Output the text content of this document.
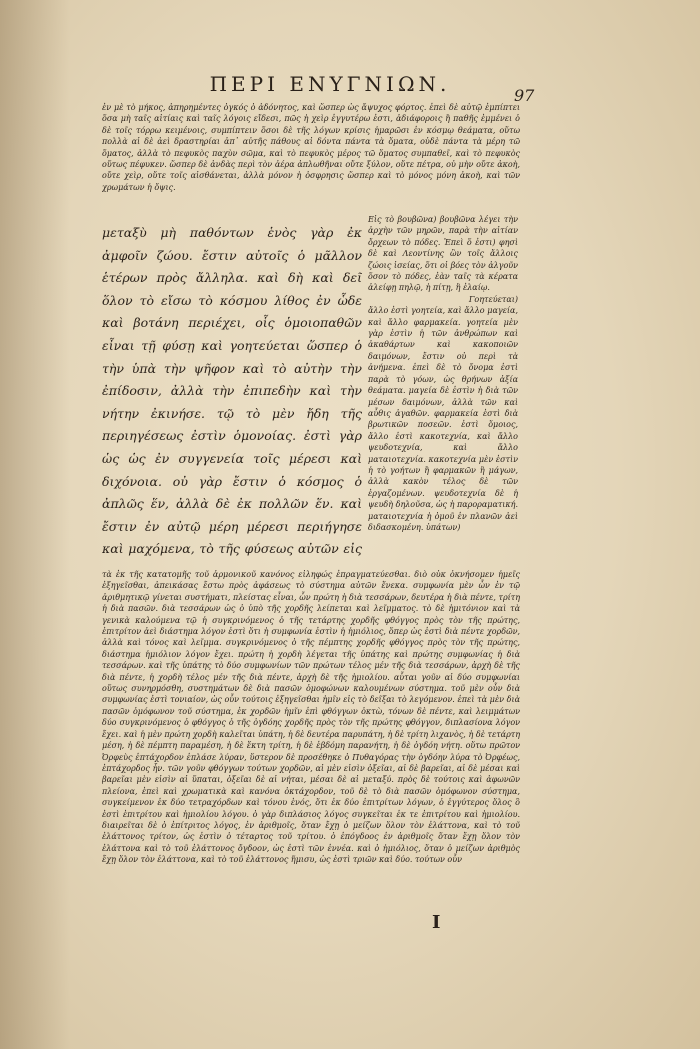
ΠΕΡΙ ΕΝΥΓΝΙΩΝ.	97

ἐν μὲ τὸ μήκος, ἀπηρημέντες ὁγκός ὁ ἀδόνητος, καὶ ὥσπερ ὡς ἄψυχος φόρτος. ἐπεὶ δὲ αὐτῷ ἐμπίπτει ὅσα μὴ ταῖς αἰτίαις καὶ ταῖς λόγοις εἴδεσι, πῶς ἡ χεὶρ ἐγγυτέρω ἐστι, ἀδιάφοροις ἢ παθῆς ἐμμένει ὁ δὲ τοῖς τόρρω κειμένοις, συμπίπτειν ὅσοι δὲ τῆς λόγων κρίσις ἡμαρῶσι ἐν κόσμῳ θεάματα, οὕτω πολλὰ αἱ δὲ ἀεὶ δραστηρίαι ἀπ᾽ αὐτῆς πάθους αἱ δόντα πάντα τὰ ὅματα, οὐδὲ πάντα τὰ μέρη τῶ ὅματος, ἀλλὰ τὸ πεφυκὸς παχὺν σῶμα, καὶ τὸ πεφυκὸς μέρος τῶ ὅματος συμπαθεῖ, καὶ τὸ πεφυκὸς οὕτως πέφυκεν. ὥσπερ δὲ ἀνδὰς περὶ τὸν ἀέρα ἀπλωθῆναι οὔτε ξύλον, οὔτε πέτρα, οὐ μὴν οὔτε ἀκοὴ, οὔτε χεὶρ, οὔτε τοῖς αἰσθάνεται, ἀλλὰ μόνον ἡ ὀσφρησις ὥσπερ καὶ τὸ μόνος μόνη ἀκοὴ, καὶ τῶν χρωμάτων ἡ ὄψις.

μεταξὺ μὴ παθόντων ἑνὸς γὰρ ἐκ ἀμφοῖν ζώου. ἔστιν αὐτοῖς ὁ μᾶλλον ἑτέρων πρὸς ἄλληλα. καὶ δὴ καὶ δεῖ ὅλον τὸ εἴσω τὸ κόσμου λίθος ἐν ὧδε καὶ βοτάνη περιέχει, οἷς ὁμοιοπαθῶν εἶναι τῇ φύσῃ καὶ γοητεύεται ὥσπερ ὁ τὴν ὑπὰ τὴν ψῆφον καὶ τὸ αὐτὴν τὴν ἐπίδοσιν, ἀλλὰ τὴν ἐπιπεδὴν καὶ τὴν νήτην ἐκινήσε. τῷ τὸ μὲν ἤδη τῆς περιηγέσεως ἐστὶν ὁμονοίας. ἐστὶ γὰρ ὡς ὡς ἐν συγγενεία τοῖς μέρεσι καὶ διχόνοια. οὐ γὰρ ἔστιν ὁ κόσμος ὁ ἀπλῶς ἕν, ἀλλὰ δὲ ἐκ πολλῶν ἕν. καὶ ἔστιν ἐν αὐτῷ μέρη μέρεσι περιήγησε καὶ μαχόμενα, τὸ τῆς φύσεως αὐτῶν εἰς

Εἰς τὸ βουβῶνα) βουβῶνα λέγει τὴν ἀρχὴν τῶν μηρῶν, παρὰ τὴν αἰτίαν ὄρχεων τὸ πόδες. Ἐπεὶ ὅ ἐστι) φησὶ δὲ καὶ Λεοντίνης ὢν τοῖς ἄλλοις ζώοις ἰσείας, ὅτι οἱ βόες τὸν ἀλγοῦν ὅσον τὸ πόδες, ἐὰν ταῖς τὰ κέρατα ἀλείφῃ πηλῷ, ἡ πίτῃ, ἢ ἐλαίῳ.

Γοητεύεται)

ἄλλο ἐστὶ γοητεία, καὶ ἄλλο μαγεία, καὶ ἄλλο φαρμακεία. γοητεία μὲν γὰρ ἐστὶν ἡ τῶν ἀνθρώπων καὶ ἀκαθάρτων καὶ κακοποιῶν δαιμόνων, ἔστιν οὐ περὶ τὰ ἀνήμενα. ἐπεὶ δὲ τὸ ὄνομα ἐστὶ παρὰ τὸ γόων, ὡς θρήνων ἀξία θεάματα. μαγεία δὲ ἐστὶν ἡ διὰ τῶν μέσων δαιμόνων, ἀλλὰ τῶν καὶ αὖθις ἀγαθῶν. φαρμακεία ἐστὶ διὰ βρωτικῶν ποσεῶν. ἐστὶ ὅμοιος, ἄλλο ἐστὶ κακοτεχνία, καὶ ἄλλο ψευδοτεχνία, καὶ ἄλλο ματαιοτεχνία. κακοτεχνία μὲν ἐστὶν ἡ τὸ γοήτων ἢ φαρμακῶν ἢ μάγων, ἀλλὰ κακὸν τέλος δὲ τῶν ἐργαζομένων. ψευδοτεχνία δὲ ἡ ψευδὴ δηλοῦσα, ὡς ἡ παροραματική. ματαιοτεχνία ἡ ὁμοῦ ἐν πλανῶν ἀεὶ διδασκομένη. ὑπάτων)

τὰ ἐκ τῆς κατατομῆς τοῦ ἁρμονικοῦ κανόνος εἰληφώς ἐπραγματεύεσθαι. διὸ οὐκ ὀκνήσομεν ἡμεῖς ἐξηγεῖσθαι, ἀπεικάσας ἔστω πρὸς ἀφάσεως τὸ σύστημα αὐτῶν ἕνεκα. συμφωνία μὲν ὧν ἐν τῷ ἀριθμητικῷ γίνεται συστήματι, πλείστας εἶναι, ὧν πρώτη ἡ διὰ τεσσάρων, δευτέρα ἡ διὰ πέντε, τρίτη ἡ διὰ πασῶν. διὰ τεσσάρων ὡς ὁ ὑπὸ τῆς χορδῆς λείπεται καὶ λεῖμματος. τὸ δὲ ἡμιτόνιον καὶ τὰ γενικὰ καλούμενα τῷ ἡ συγκρινόμενος ὁ τῆς τετάρτης χορδῆς φθόγγος πρὸς τὸν τῆς πρώτης, ἐπιτρίτον ἀεὶ διάστημα λόγον ἐστὶ ὅτι ἡ συμφωνία ἐστὶν ἡ ἡμιόλιος, ὅπερ ὡς ἐστὶ διὰ πέντε χορδῶν, ἀλλὰ καὶ τόνος καὶ λεῖμμα. συγκρινόμενος ὁ τῆς πέμπτης χορδῆς φθόγγος πρὸς τὸν τῆς πρώτης, διάστημα ἡμιόλιον λόγον ἔχει. πρώτη ἡ χορδὴ λέγεται τῆς ὑπάτης καὶ πρώτης συμφωνίας ἡ διὰ τεσσάρων. καὶ τῆς ὑπάτης τὸ δύο συμφωνίων τῶν πρώτων τέλος μέν τῆς διὰ τεσσάρων, ἀρχὴ δὲ τῆς διὰ πέντε, ἡ χορδὴ τέλος μέν τῆς διὰ πέντε, ἀρχὴ δὲ τῆς ἡμιολίου. αὗται γοῦν αἱ δύο συμφωνίαι οὕτως συνηρμόσθη, συστημάτων δὲ διὰ πασῶν ὁμοφώνων καλουμένων σύστημα. τοῦ μὲν οὖν διὰ συμφωνίας ἐστὶ τονιαίον, ὡς οὖν τούτοις ἐξηγεῖσθαι ἡμῖν εἰς τὸ δεῖξαι τὸ λεγόμενον. ἐπεὶ τὰ μὲν διὰ πασῶν ὁμόφωνον τοῦ σύστημα, ἐκ χορδῶν ἡμῖν ἐπὶ φθόγγων ὀκτὼ, τόνων δὲ πέντε, καὶ λειμμάτων δύο συγκρινόμενος ὁ φθόγγος ὁ τῆς ὀγδόης χορδῆς πρὸς τὸν τῆς πρώτης φθόγγον, διπλασίονα λόγον ἔχει. καὶ ἡ μὲν πρώτη χορδὴ καλεῖται ὑπάτη, ἡ δὲ δευτέρα παρυπάτη, ἡ δὲ τρίτη λιχανὸς, ἡ δὲ τετάρτη μέση, ἡ δὲ πέμπτη παραμέση, ἡ δὲ ἕκτη τρίτη, ἡ δὲ ἑβδόμη παρανήτη, ἡ δὲ ὀγδόη νήτη. οὕτω πρῶτον Ὀρφεὺς ἐπτάχορδον ἐπλάσε λύραν, ὕστερον δὲ προσέθηκε ὁ Πυθαγόρας τὴν ὀγδόην λύρα τὸ Ὀρφέως, ἑπτάχορδος ἦν. τῶν γοῦν φθόγγων τούτων χορδῶν, αἱ μὲν εἰσὶν ὀξεῖαι, αἱ δὲ βαρεῖαι, αἱ δὲ μέσαι καὶ βαρεῖαι μὲν εἰσὶν αἱ ὕπαται, ὀξεῖαι δὲ αἱ νήται, μέσαι δὲ αἱ μεταξύ. πρὸς δὲ τούτοις καὶ ἀφωνῶν πλείονα, ἐπεὶ καὶ χρωματικὰ καὶ κανόνα ὀκτάχορδον, τοῦ δὲ τὸ διὰ πασῶν ὁμόφωνον σύστημα, συγκείμενον ἐκ δύο τετραχόρδων καὶ τόνου ἑνός, ὅτι ἐκ δύο ἐπιτρίτων λόγων, ὁ ἐγγύτερος ὅλος ὃ ἐστὶ ἐπιτρίτου καὶ ἡμιολίου λόγου. ὁ γὰρ διπλάσιος λόγος συγκεῖται ἐκ τε ἐπιτρίτου καὶ ἡμιολίου. διαιρεῖται δὲ ὁ ἐπίτριτος λόγος, ἐν ἀριθμοῖς, ὅταν ἔχῃ ὁ μείζων ὅλον τὸν ἐλάττονα, καὶ τὸ τοῦ ἐλάττονος τρίτον, ὡς ἐστὶν ὁ τέταρτος τοῦ τρίτου. ὁ ἐπόγδοος ἐν ἀριθμοῖς ὅταν ἔχῃ ὅλον τὸν ἐλάττονα καὶ τὸ τοῦ ἐλάττονος ὄγδοον, ὡς ἐστὶ τῶν ἐννέα. καὶ ὁ ἡμιόλιος, ὅταν ὁ μείζων ἀριθμὸς ἔχῃ ὅλον τὸν ἐλάττονα, καὶ τὸ τοῦ ἐλάττονος ἥμισυ, ὡς ἐστὶ τριῶν καὶ δύο. τούτων οὖν

I
